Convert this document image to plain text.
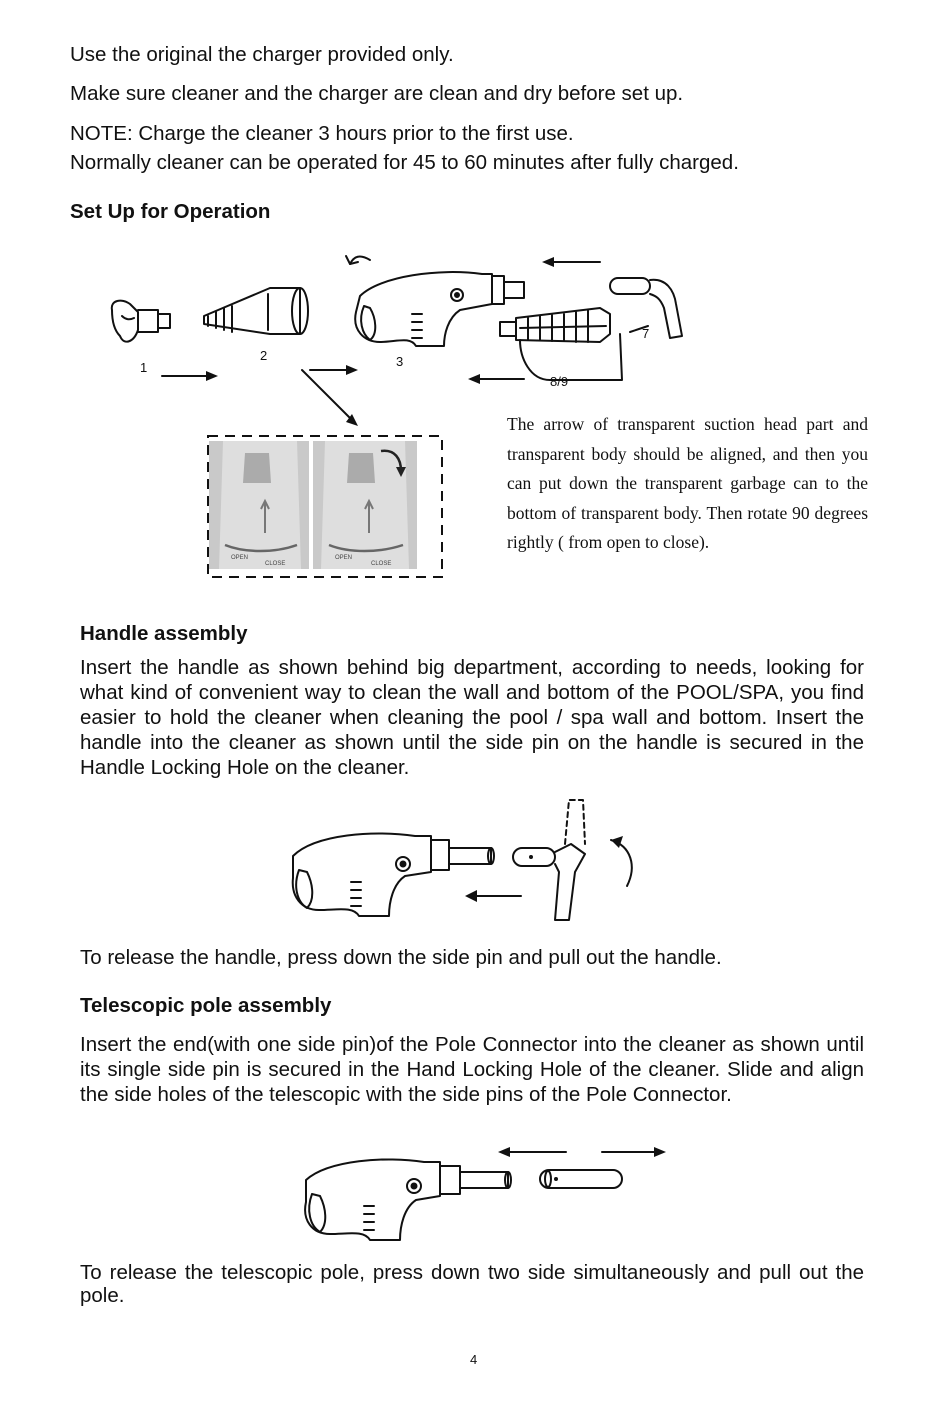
Use the original the charger provided only.

Make sure cleaner and the charger are clean and dry before set up.

NOTE: Charge the cleaner 3 hours prior to the first use.

Normally cleaner can be operated for 45 to 60 minutes after fully charged.

Set Up for Operation

1
2	3
7
8/9
OPEN
CLOSE
OPEN
CLOSE

The arrow of transparent suction head part and transparent body should be aligned, and then you can put down the transparent garbage can to the bottom of transparent body. Then rotate 90 degrees rightly ( from open to close).

Handle assembly

Insert the handle as shown behind big department, according to needs, looking for what kind of convenient way to clean the wall and bottom of the POOL/SPA, you find easier to hold the cleaner when cleaning the pool / spa wall and bottom. Insert the handle into the cleaner as shown until the side pin on the handle is secured in the Handle Locking Hole on the cleaner.

To release the handle, press down the side pin and pull out the handle.

Telescopic pole assembly

Insert the end(with one side pin)of the Pole Connector into the cleaner as shown until its single side pin is secured in the Hand Locking Hole of the cleaner. Slide and align the side holes of the telescopic with the side pins of the Pole Connector.

To release the telescopic pole, press down two side simultaneously and pull out the pole.

4
